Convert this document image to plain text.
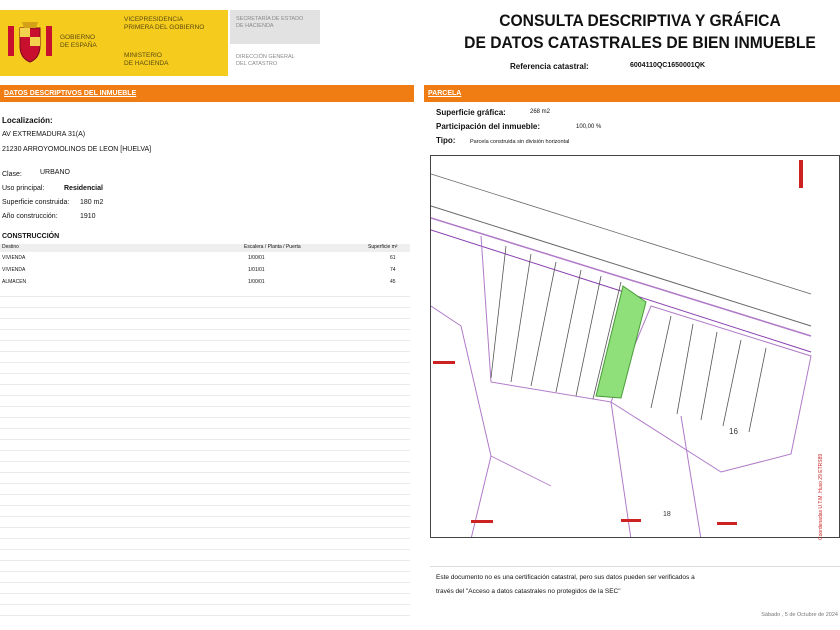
GOBIERNO
DE ESPAÑA
VICEPRESIDENCIA
PRIMERA DEL GOBIERNO
MINISTERIO
DE HACIENDA
SECRETARÍA DE ESTADO
DE HACIENDA
DIRECCIÓN GENERAL
DEL CATASTRO
CONSULTA DESCRIPTIVA Y GRÁFICA
DE DATOS CATASTRALES DE BIEN INMUEBLE
Referencia catastral:	6004110QC1650001QK
DATOS DESCRIPTIVOS DEL INMUEBLE
Localización:
AV EXTREMADURA 31(A)
21230 ARROYOMOLINOS DE LEON [HUELVA]
Clase:	URBANO
Uso principal:	Residencial
Superficie construida: 180 m2
Año construcción:	1910
CONSTRUCCIÓN
Destino	Escalera / Planta / Puerta	Superficie m²
VIVIENDA	1/00/01	61
VIVIENDA	1/01/01	74
ALMACEN	1/00/01	45
PARCELA
Superficie gráfica:	268 m2
Participación del inmueble:	100,00 %
Tipo:	Parcela construida sin división horizontal
16
18	Coordenadas U.T.M. Huso 29 ETRS89
Este documento no es una certificación catastral, pero sus datos pueden ser verificados a
través del "Acceso a datos catastrales no protegidos de la SEC"
Sábado , 5 de Octubre de 2024
